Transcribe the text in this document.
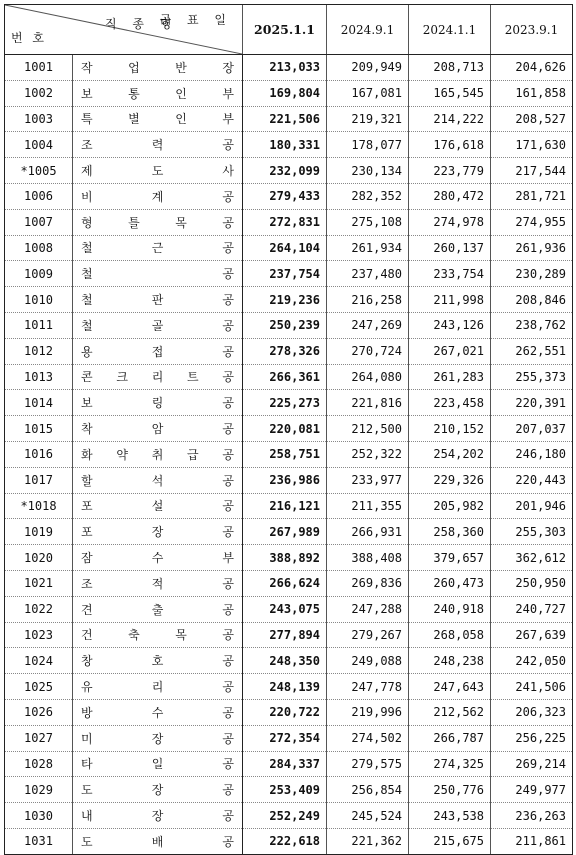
공 표 일
번 호
직 종 명		2025.1.1	2024.9.1	2024.1.1	2023.9.1
1001	작 업 반 장	213,033	209,949	208,713	204,626
1002	보 통 인 부	169,804	167,081	165,545	161,858
1003	특 별 인 부	221,506	219,321	214,222	208,527
1004	조 력 공	180,331	178,077	176,618	171,630
*1005	제 도 사	232,099	230,134	223,779	217,544
1006	비 계 공	279,433	282,352	280,472	281,721
1007	형 틀 목 공	272,831	275,108	274,978	274,955
1008	철 근 공	264,104	261,934	260,137	261,936
1009	철 공	237,754	237,480	233,754	230,289
1010	철 판 공	219,236	216,258	211,998	208,846
1011	철 골 공	250,239	247,269	243,126	238,762
1012	용 접 공	278,326	270,724	267,021	262,551
1013	콘 크 리 트 공	266,361	264,080	261,283	255,373
1014	보 링 공	225,273	221,816	223,458	220,391
1015	착 암 공	220,081	212,500	210,152	207,037
1016	화 약 취 급 공	258,751	252,322	254,202	246,180
1017	할 석 공	236,986	233,977	229,326	220,443
*1018	포 설 공	216,121	211,355	205,982	201,946
1019	포 장 공	267,989	266,931	258,360	255,303
1020	잠 수 부	388,892	388,408	379,657	362,612
1021	조 적 공	266,624	269,836	260,473	250,950
1022	견 출 공	243,075	247,288	240,918	240,727
1023	건 축 목 공	277,894	279,267	268,058	267,639
1024	창 호 공	248,350	249,088	248,238	242,050
1025	유 리 공	248,139	247,778	247,643	241,506
1026	방 수 공	220,722	219,996	212,562	206,323
1027	미 장 공	272,354	274,502	266,787	256,225
1028	타 일 공	284,337	279,575	274,325	269,214
1029	도 장 공	253,409	256,854	250,776	249,977
1030	내 장 공	252,249	245,524	243,538	236,263
1031	도 배 공	222,618	221,362	215,675	211,861
